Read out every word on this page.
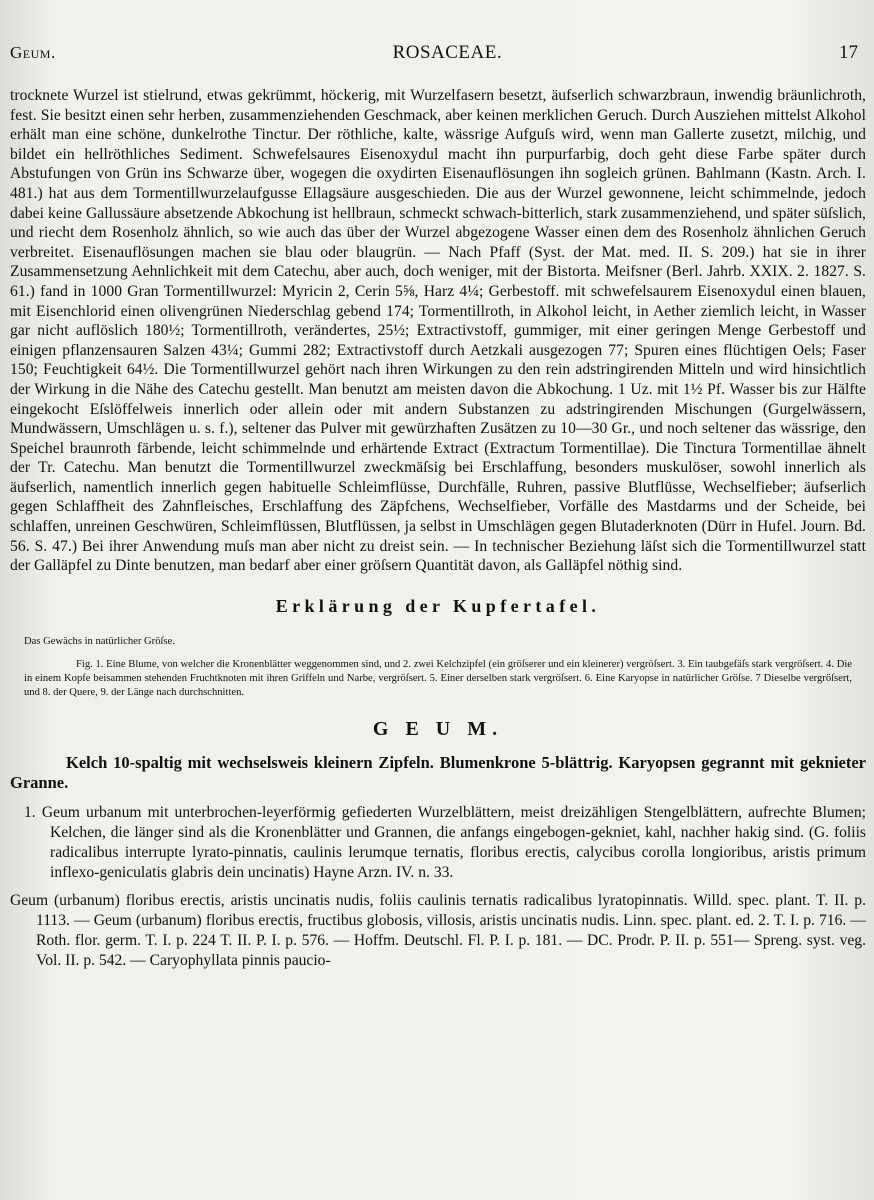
Geum.	ROSACEAE.	17

trocknete Wurzel ist stielrund, etwas gekrümmt, höckerig, mit Wurzelfasern besetzt, äufserlich schwarzbraun, inwendig bräunlichroth, fest. Sie besitzt einen sehr herben, zusammenziehenden Geschmack, aber keinen merklichen Geruch. Durch Ausziehen mittelst Alkohol erhält man eine schöne, dunkelrothe Tinctur. Der röthliche, kalte, wässrige Aufguſs wird, wenn man Gallerte zusetzt, milchig, und bildet ein hellröthliches Sediment. Schwefelsaures Eisenoxydul macht ihn purpurfarbig, doch geht diese Farbe später durch Abstufungen von Grün ins Schwarze über, wogegen die oxydirten Eisenauflösungen ihn sogleich grünen. Bahlmann (Kastn. Arch. I. 481.) hat aus dem Tormentillwurzelaufgusse Ellagsäure ausgeschieden. Die aus der Wurzel gewonnene, leicht schimmelnde, jedoch dabei keine Gallussäure absetzende Abkochung ist hellbraun, schmeckt schwach-bitterlich, stark zusammenziehend, und später süſslich, und riecht dem Rosenholz ähnlich, so wie auch das über der Wurzel abgezogene Wasser einen dem des Rosenholz ähnlichen Geruch verbreitet. Eisenauflösungen machen sie blau oder blaugrün. — Nach Pfaff (Syst. der Mat. med. II. S. 209.) hat sie in ihrer Zusammensetzung Aehnlichkeit mit dem Catechu, aber auch, doch weniger, mit der Bistorta. Meifsner (Berl. Jahrb. XXIX. 2. 1827. S. 61.) fand in 1000 Gran Tormentillwurzel: Myricin 2, Cerin 5⅝, Harz 4¼; Gerbestoff. mit schwefelsaurem Eisenoxydul einen blauen, mit Eisenchlorid einen olivengrünen Niederschlag gebend 174; Tormentillroth, in Alkohol leicht, in Aether ziemlich leicht, in Wasser gar nicht auflöslich 180½; Tormentillroth, verändertes, 25½; Extractivstoff, gummiger, mit einer geringen Menge Gerbestoff und einigen pflanzensauren Salzen 43¼; Gummi 282; Extractivstoff durch Aetzkali ausgezogen 77; Spuren eines flüchtigen Oels; Faser 150; Feuchtigkeit 64½. Die Tormentillwurzel gehört nach ihren Wirkungen zu den rein adstringirenden Mitteln und wird hinsichtlich der Wirkung in die Nähe des Catechu gestellt. Man benutzt am meisten davon die Abkochung. 1 Uz. mit 1½ Pf. Wasser bis zur Hälfte eingekocht Eſslöffelweis innerlich oder allein oder mit andern Substanzen zu adstringirenden Mischungen (Gurgelwässern, Mundwässern, Umschlägen u. s. f.), seltener das Pulver mit gewürzhaften Zusätzen zu 10—30 Gr., und noch seltener das wässrige, den Speichel braunroth färbende, leicht schimmelnde und erhärtende Extract (Extractum Tormentillae). Die Tinctura Tormentillae ähnelt der Tr. Catechu. Man benutzt die Tormentillwurzel zweckmäſsig bei Erschlaffung, besonders muskulöser, sowohl innerlich als äufserlich, namentlich innerlich gegen habituelle Schleimflüsse, Durchfälle, Ruhren, passive Blutflüsse, Wechselfieber; äufserlich gegen Schlaffheit des Zahnfleisches, Erschlaffung des Zäpfchens, Wechselfieber, Vorfälle des Mastdarms und der Scheide, bei schlaffen, unreinen Geschwüren, Schleimflüssen, Blutflüssen, ja selbst in Umschlägen gegen Blutaderknoten (Dürr in Hufel. Journ. Bd. 56. S. 47.) Bei ihrer Anwendung muſs man aber nicht zu dreist sein. — In technischer Beziehung läſst sich die Tormentillwurzel statt der Galläpfel zu Dinte benutzen, man bedarf aber einer gröſsern Quantität davon, als Galläpfel nöthig sind.

Erklärung der Kupfertafel.

Das Gewächs in natürlicher Gröſse.

Fig. 1. Eine Blume, von welcher die Kronenblätter weggenommen sind, und 2. zwei Kelchzipfel (ein gröſserer und ein kleinerer) vergröſsert. 3. Ein taubgefäſs stark vergröſsert. 4. Die in einem Kopfe beisammen stehenden Fruchtknoten mit ihren Griffeln und Narbe, vergröſsert. 5. Einer derselben stark vergröſsert. 6. Eine Karyopse in natürlicher Gröſse. 7 Dieselbe vergröſsert, und 8. der Quere, 9. der Länge nach durchschnitten.

G E U M.

Kelch 10-spaltig mit wechselsweis kleinern Zipfeln. Blumenkrone 5-blättrig. Karyopsen gegrannt mit geknieter Granne.

1. Geum urbanum mit unterbrochen-leyerförmig gefiederten Wurzelblättern, meist dreizähligen Stengelblättern, aufrechte Blumen; Kelchen, die länger sind als die Kronenblätter und Grannen, die anfangs eingebogen-gekniet, kahl, nachher hakig sind. (G. foliis radicalibus interrupte lyrato-pinnatis, caulinis lerumque ternatis, floribus erectis, calycibus corolla longioribus, aristis primum inflexo-geniculatis glabris dein uncinatis) Hayne Arzn. IV. n. 33.

Geum (urbanum) floribus erectis, aristis uncinatis nudis, foliis caulinis ternatis radicalibus lyratopinnatis. Willd. spec. plant. T. II. p. 1113. — Geum (urbanum) floribus erectis, fructibus globosis, villosis, aristis uncinatis nudis. Linn. spec. plant. ed. 2. T. I. p. 716. — Roth. flor. germ. T. I. p. 224 T. II. P. I. p. 576. — Hoffm. Deutschl. Fl. P. I. p. 181. — DC. Prodr. P. II. p. 551— Spreng. syst. veg. Vol. II. p. 542. — Caryophyllata pinnis paucio-
